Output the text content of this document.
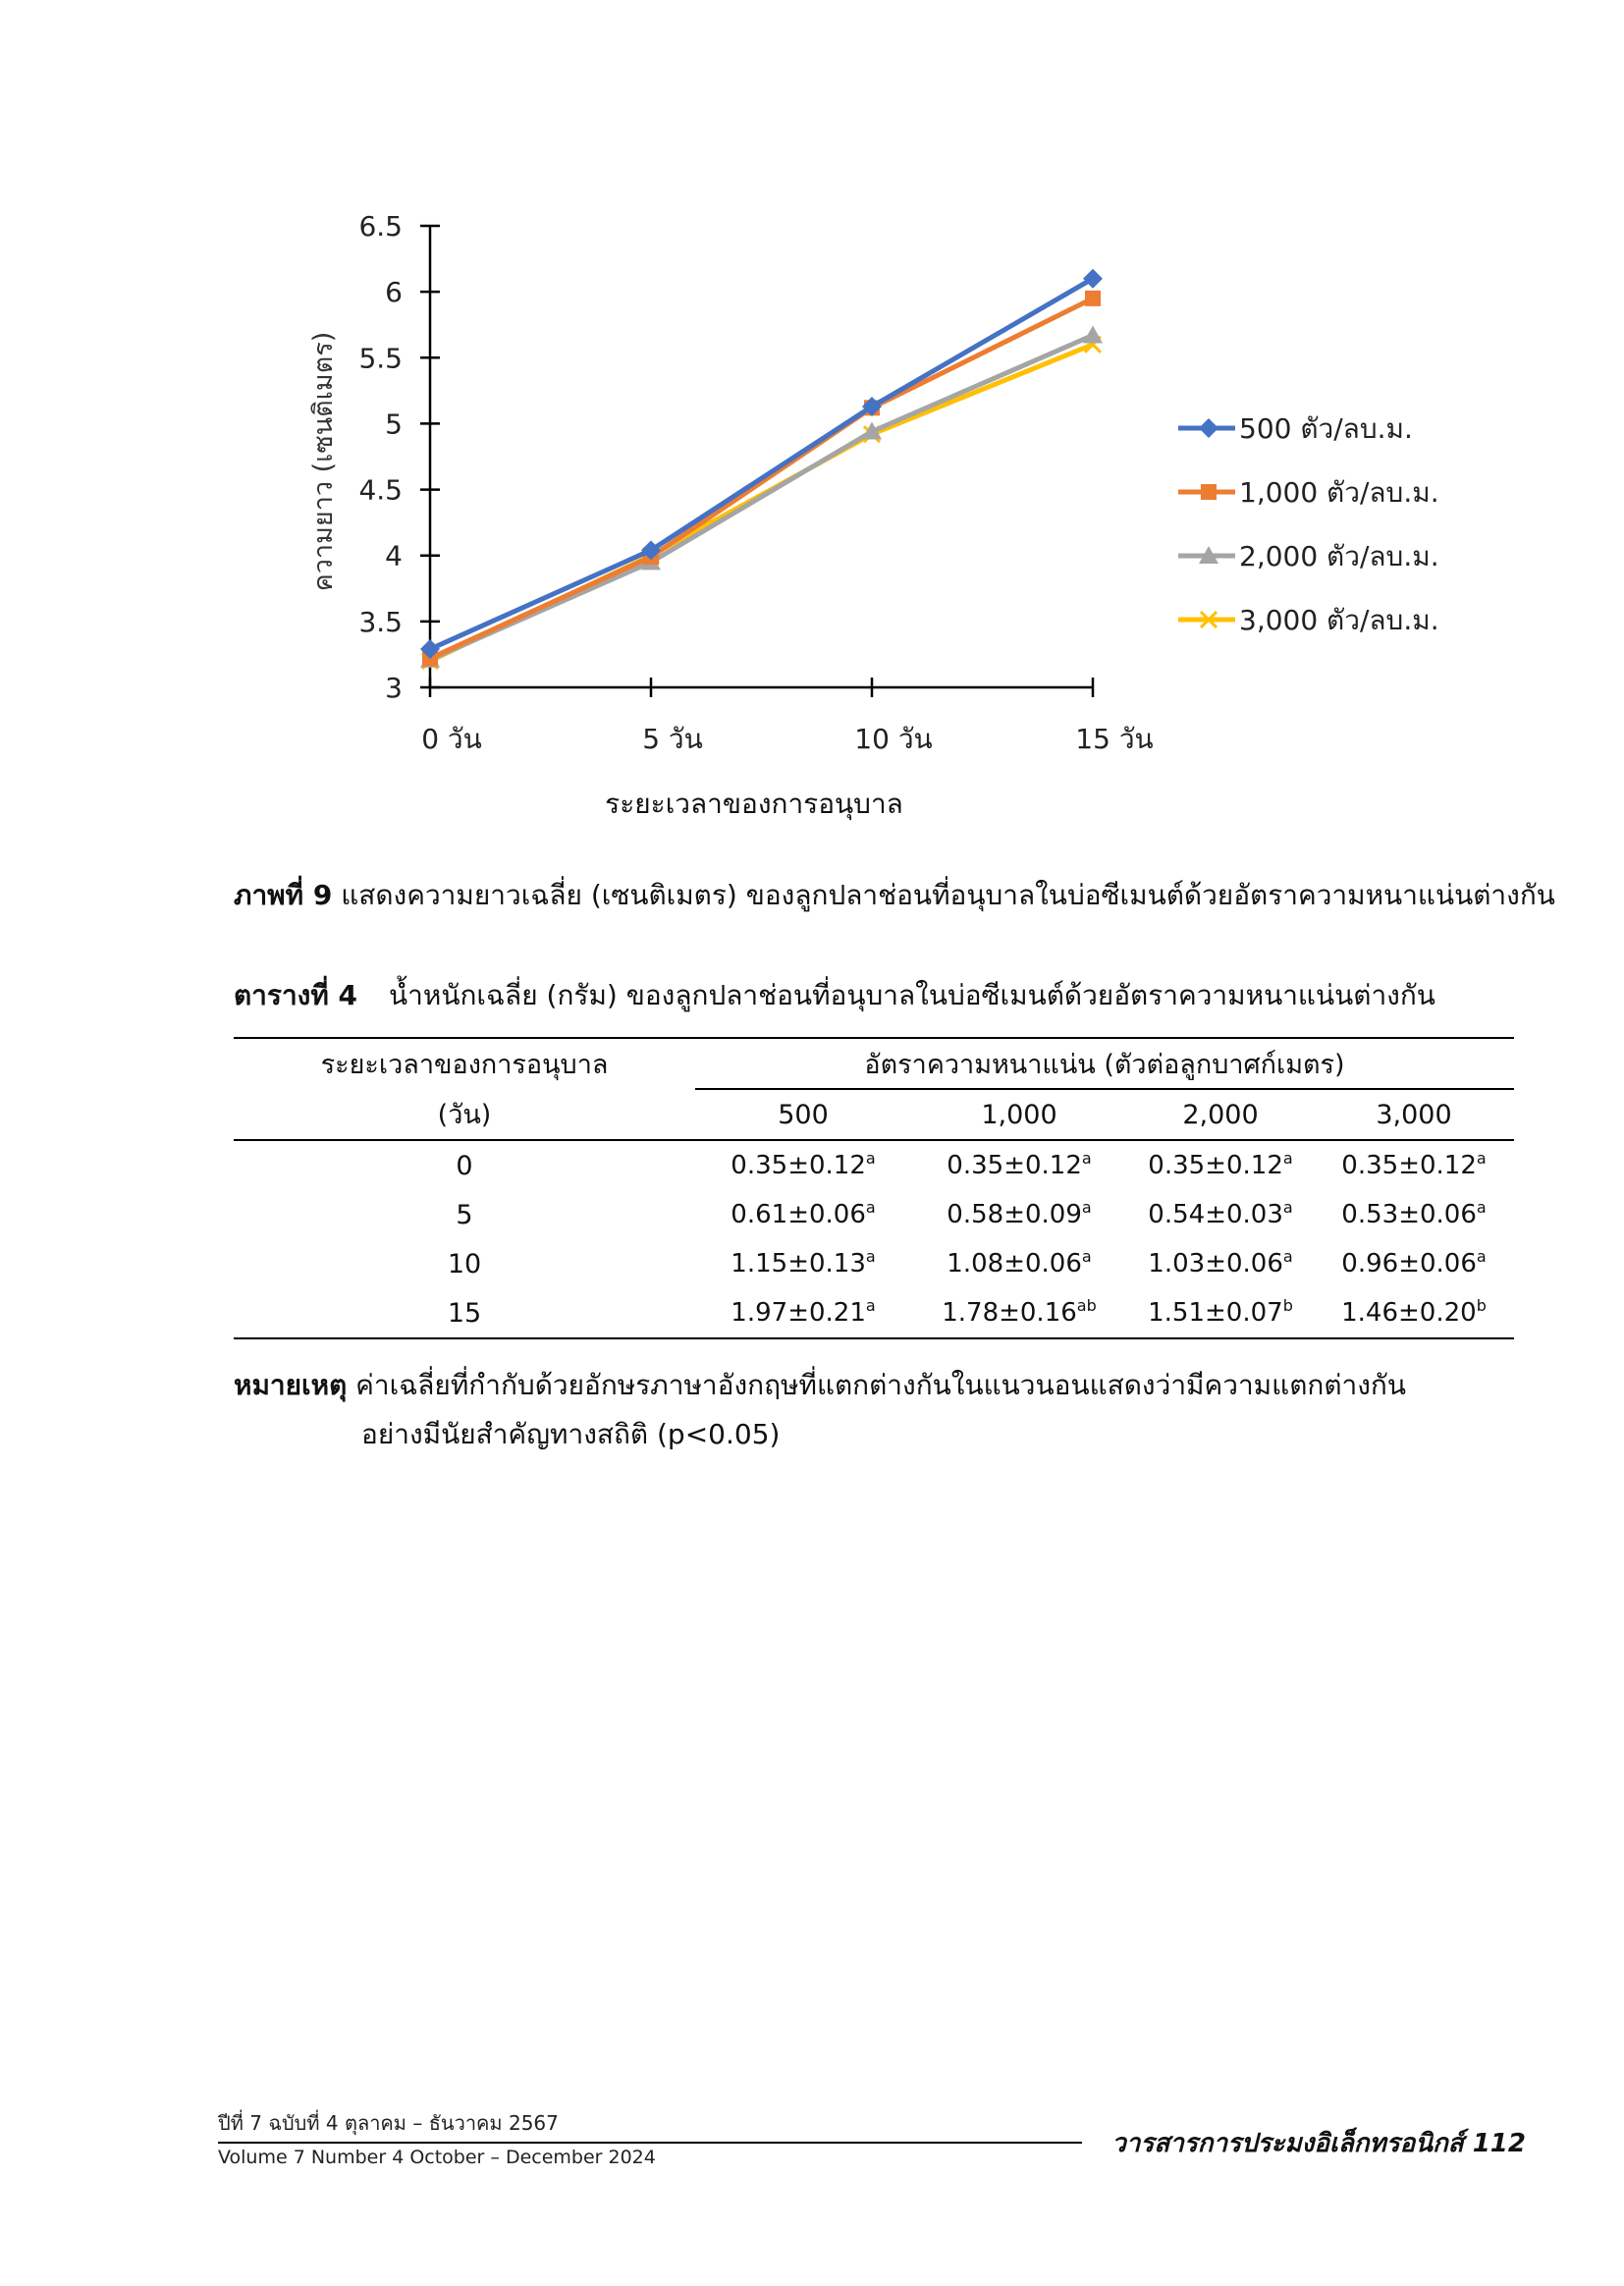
6.5
6
5.5
5
4.5
4
3.5
3
0 วัน	5 วัน	10 วัน	15 วัน
500 ตัว/ลบ.ม.
1,000 ตัว/ลบ.ม.
2,000 ตัว/ลบ.ม.
3,000 ตัว/ลบ.ม.
ความยาว (เซนติเมตร)
ระยะเวลาของการอนุบาล
ภาพที่ 9 แสดงความยาวเฉลี่ย (เซนติเมตร) ของลูกปลาช่อนที่อนุบาลในบ่อซีเมนต์ด้วยอัตราความหนาแน่นต่างกัน
ตารางที่ 4 น้ำหนักเฉลี่ย (กรัม) ของลูกปลาช่อนที่อนุบาลในบ่อซีเมนต์ด้วยอัตราความหนาแน่นต่างกัน
ระยะเวลาของการอนุบาล	อัตราความหนาแน่น (ตัวต่อลูกบาศก์เมตร)			
(วัน)	500	1,000	2,000	3,000
0	0.35±0.12$^a$	0.35±0.12$^a$	0.35±0.12$^a$	0.35±0.12$^a$
5	0.61±0.06$^a$	0.58±0.09$^a$	0.54±0.03$^a$	0.53±0.06$^a$
10	1.15±0.13$^a$	1.08±0.06$^a$	1.03±0.06$^a$	0.96±0.06$^a$
15	1.97±0.21$^a$	1.78±0.16$^{ab}$	1.51±0.07$^b$	1.46±0.20$^b$
หมายเหตุ ค่าเฉลี่ยที่กำกับด้วยอักษรภาษาอังกฤษที่แตกต่างกันในแนวนอนแสดงว่ามีความแตกต่างกัน
อย่างมีนัยสำคัญทางสถิติ (p<0.05)
ปีที่ 7 ฉบับที่ 4 ตุลาคม – ธันวาคม 2567
Volume 7 Number 4 October – December 2024	วารสารการประมงอิเล็กทรอนิกส์ 112
